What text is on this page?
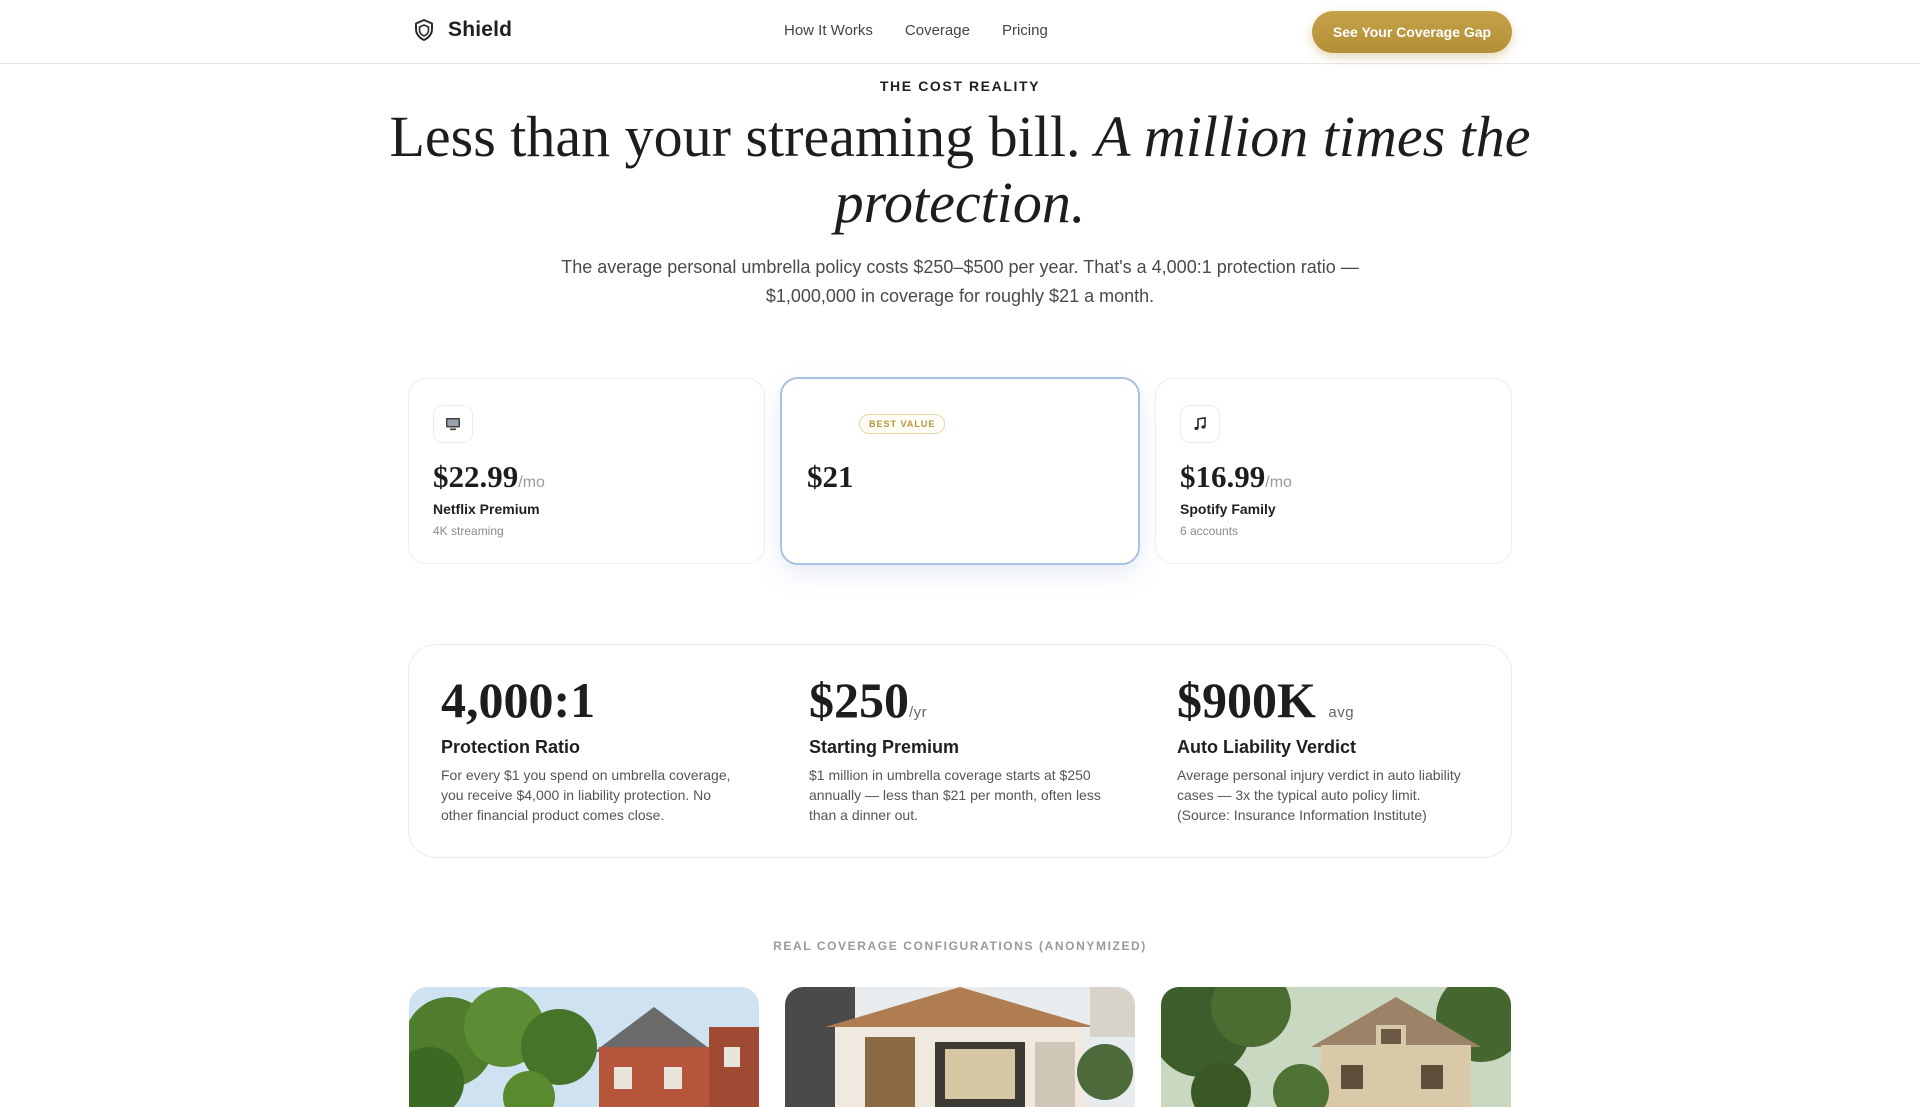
Shield	How It Works Coverage Pricing	See Your Coverage Gap
THE COST REALITY
Less than your streaming bill. A million times the protection.

The average personal umbrella policy costs $250–$500 per year. That's a 4,000:1 protection ratio — $1,000,000 in coverage for roughly $21 a month.

$22.99/mo
Netflix Premium
4K streaming
BEST VALUE
$21	$16.99/mo
Spotify Family
6 accounts
4,000:1
Protection Ratio

For every $1 you spend on umbrella coverage, you receive $4,000 in liability protection. No other financial product comes close.

$250/yr
Starting Premium

$1 million in umbrella coverage starts at $250 annually — less than $21 per month, often less than a dinner out.

$900K avg
Auto Liability Verdict

Average personal injury verdict in auto liability cases — 3x the typical auto policy limit. (Source: Insurance Information Institute)

REAL COVERAGE CONFIGURATIONS (ANONYMIZED)
